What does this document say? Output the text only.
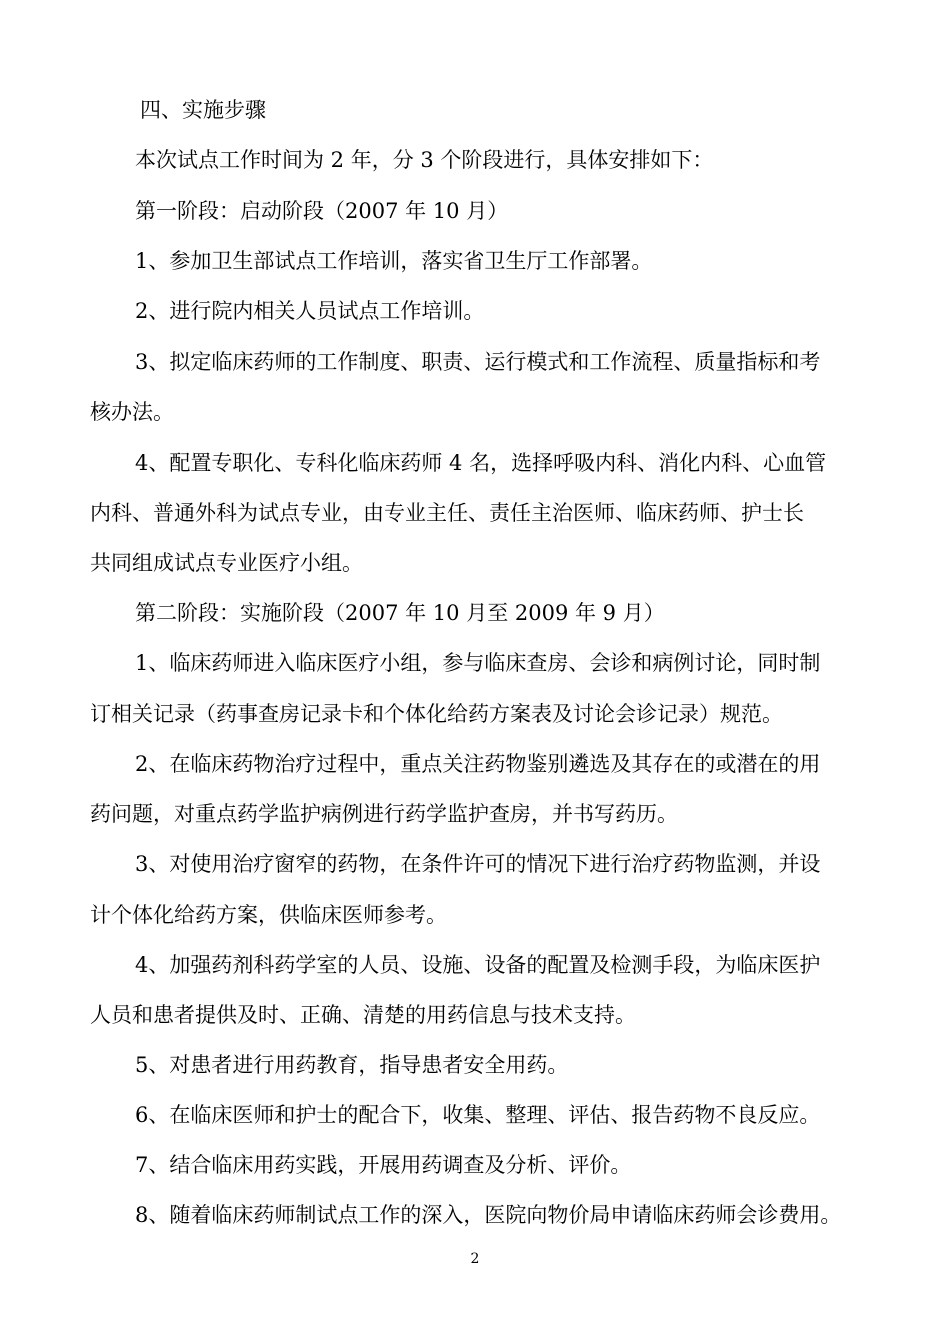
四、实施步骤
本次试点工作时间为 2 年，分 3 个阶段进行，具体安排如下：
第一阶段：启动阶段（2007 年 10 月）
1、参加卫生部试点工作培训，落实省卫生厅工作部署。
2、进行院内相关人员试点工作培训。
3、拟定临床药师的工作制度、职责、运行模式和工作流程、质量指标和考
核办法。
4、配置专职化、专科化临床药师 4 名，选择呼吸内科、消化内科、心血管
内科、普通外科为试点专业，由专业主任、责任主治医师、临床药师、护士长
共同组成试点专业医疗小组。
第二阶段：实施阶段（2007 年 10 月至 2009 年 9 月）
1、临床药师进入临床医疗小组，参与临床查房、会诊和病例讨论，同时制
订相关记录（药事查房记录卡和个体化给药方案表及讨论会诊记录）规范。
2、在临床药物治疗过程中，重点关注药物鉴别遴选及其存在的或潜在的用
药问题，对重点药学监护病例进行药学监护查房，并书写药历。
3、对使用治疗窗窄的药物，在条件许可的情况下进行治疗药物监测，并设
计个体化给药方案，供临床医师参考。
4、加强药剂科药学室的人员、设施、设备的配置及检测手段，为临床医护
人员和患者提供及时、正确、清楚的用药信息与技术支持。
5、对患者进行用药教育，指导患者安全用药。
6、在临床医师和护士的配合下，收集、整理、评估、报告药物不良反应。
7、结合临床用药实践，开展用药调查及分析、评价。
8、随着临床药师制试点工作的深入，医院向物价局申请临床药师会诊费用。
2
